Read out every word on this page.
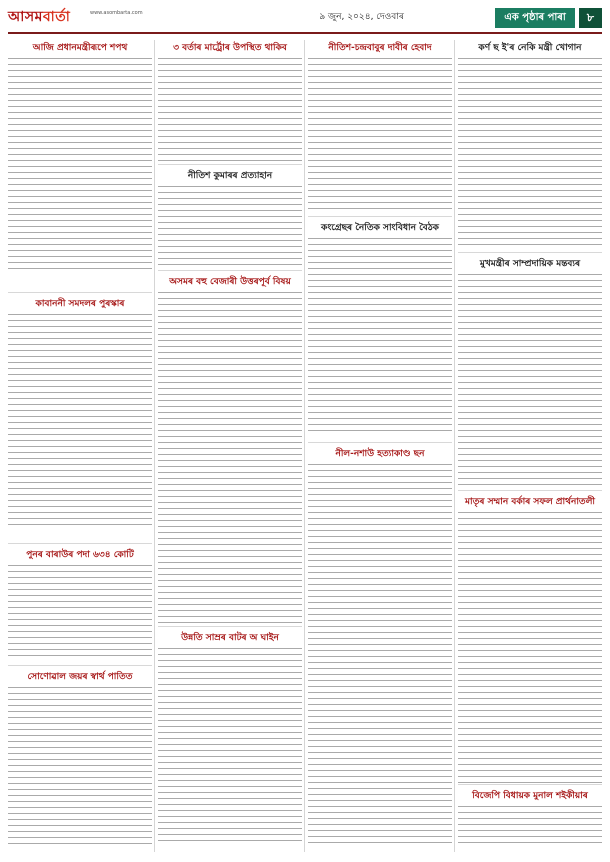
আসমবাৰ্তা	www.asombarta.com	৯ জুন, ২০২৪, দেওবাৰ	এক পৃষ্ঠাৰ পাৰা	৮
আজি প্ৰধানমন্ত্ৰীৰূপে শপথ
কাবাননী সমদলৰ পুৰস্কাৰ
পুনৰ বাৰাউৰ পদা ৬৩৪ কোটি
সোণোৱাল জয়ৰ স্বাৰ্থ পাতিত
৩ বৰ্তাৰ মাৰ্ট্ৰোৰ উপস্থিত থাকিব
নীতিশ কুমাৰৰ প্ৰত্যাহান
অসমৰ বহু বেজাৰী উত্তৰপূৰ্ব বিষয়
উন্নতি সাম্ৰৰ বাটৰ অ ঘাইন
নীতিশ-চন্দ্ৰবাবুৰ দাবীৰ হেবাদ
কংগ্ৰেছৰ নৈতিক সাংবিধান বৈঠক
নীল-নশাউ হত্যাকাণ্ড ছন
কৰ্ণ ছ ই'ৰ নেকি মন্ত্ৰী খোগান
মুখমন্ত্ৰীৰ সাম্প্ৰদায়িক মন্তব্যৰ
মাতৃৰ সম্মান বৰ্কাৰ সফল প্ৰাৰ্থনাতলী
বিজেপি বিধায়ক মুনাল শইকীয়াৰ
